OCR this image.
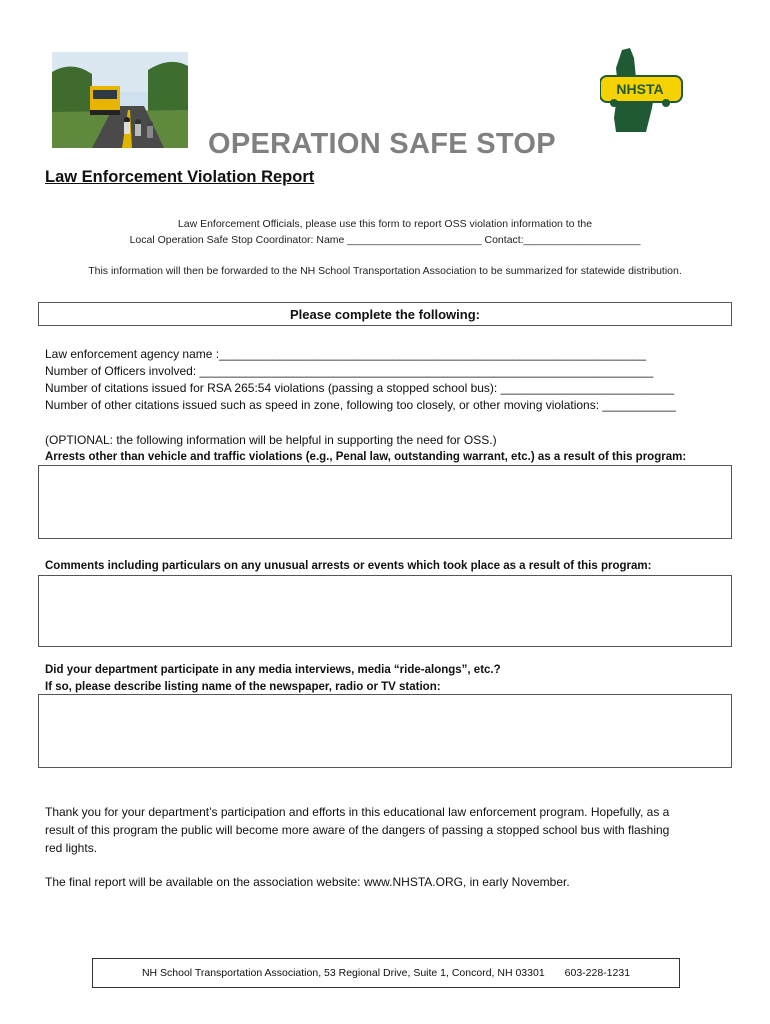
NHSTA
OPERATION SAFE STOP
Law Enforcement Violation Report
Law Enforcement Officials, please use this form to report OSS violation information to the
Local Operation Safe Stop Coordinator: Name _______________________ Contact:____________________
This information will then be forwarded to the NH School Transportation Association to be summarized for statewide distribution.
Please complete the following:
Law enforcement agency name :________________________________________________________________
Number of Officers involved: ____________________________________________________________________
Number of citations issued for RSA 265:54 violations (passing a stopped school bus): __________________________
Number of other citations issued such as speed in zone, following too closely, or other moving violations: ___________
(OPTIONAL: the following information will be helpful in supporting the need for OSS.)
Arrests other than vehicle and traffic violations (e.g., Penal law, outstanding warrant, etc.) as a result of this program:
Comments including particulars on any unusual arrests or events which took place as a result of this program:
Did your department participate in any media interviews, media “ride-alongs”, etc.?
If so, please describe listing name of the newspaper, radio or TV station:
Thank you for your department’s participation and efforts in this educational law enforcement program. Hopefully, as a
result of this program the public will become more aware of the dangers of passing a stopped school bus with flashing
red lights.
The final report will be available on the association website: www.NHSTA.ORG, in early November.
NH School Transportation Association, 53 Regional Drive, Suite 1, Concord, NH 03301 603-228-1231
